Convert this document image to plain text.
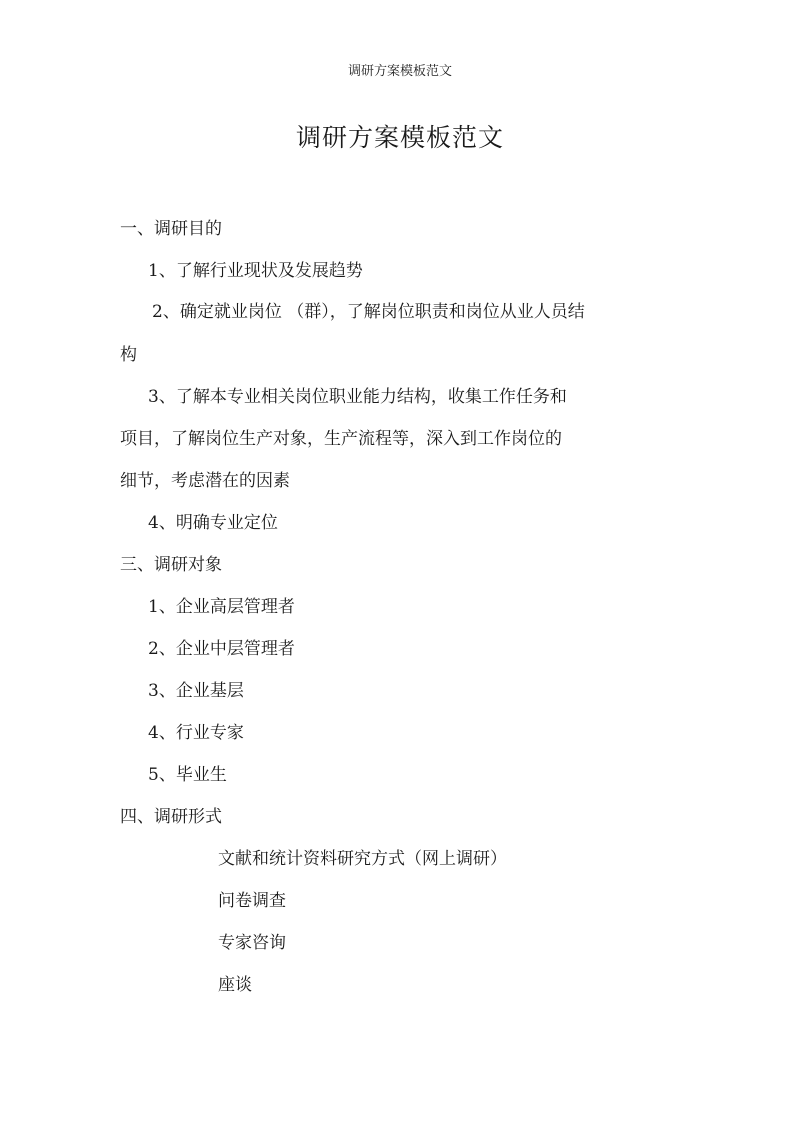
调研方案模板范文
调研方案模板范文
一、调研目的
1、了解行业现状及发展趋势
2、确定就业岗位 （群），了解岗位职责和岗位从业人员结
构
3、了解本专业相关岗位职业能力结构，收集工作任务和
项目，了解岗位生产对象，生产流程等，深入到工作岗位的
细节，考虑潜在的因素
4、明确专业定位
三、调研对象
1、企业高层管理者
2、企业中层管理者
3、企业基层
4、行业专家
5、毕业生
四、调研形式
文献和统计资料研究方式（网上调研）
问卷调查
专家咨询
座谈
